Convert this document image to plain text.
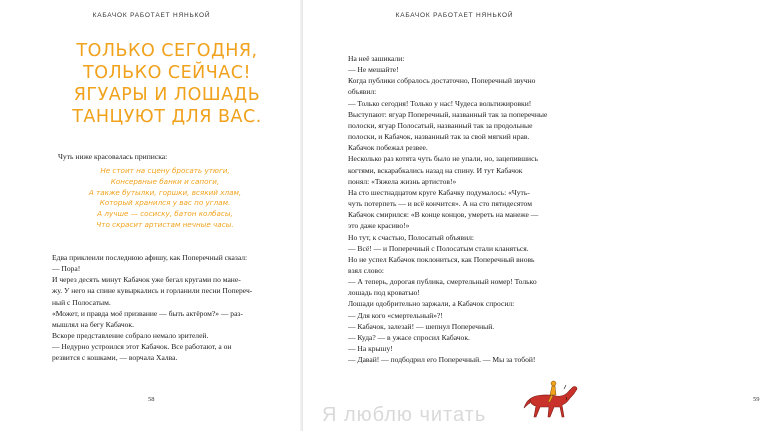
КАБАЧОК РАБОТАЕТ НЯНЬКОЙ
ТОЛЬКО СЕГОДНЯ,
ТОЛЬКО СЕЙЧАС!
ЯГУАРЫ И ЛОШАДЬ
ТАНЦУЮТ ДЛЯ ВАС.
Чуть ниже красовалась приписка:
Не стоит на сцену бросать утюги,
Консервные банки и сапоги,
А также бутылки, горшки, всякий хлам,
Который хранился у вас по углам.
А лучше — сосиску, батон колбасы,
Что скрасит артистам нечные часы.

Едва приклеили последнюю афишу, как Поперечный сказал:

— Пора!

И через десять минут Кабачок уже бегал кругами по мане-
жу. У него на спине кувыркались и горланили песни Попереч-
ный с Полосатым.

«Может, и правда моё призвание — быть актёром?» — раз-
мышлял на бегу Кабачок.

Вскоре представление собрало немало зрителей.

— Недурно устроился этот Кабачок. Все работают, а он
резвится с кошками, — ворчала Халва.

58
КАБАЧОК РАБОТАЕТ НЯНЬКОЙ
59

На неё зашикали:

— Не мешайте!

Когда публики собралось достаточно, Поперечный звучно
объявил:

— Только сегодня! Только у нас! Чудеса вольтижировки!
Выступают: ягуар Поперечный, названный так за поперечные
полоски, ягуар Полосатый, названный так за продольные
полоски, и Кабачок, названный так за свой мягкий нрав.

Кабачок побежал резвее.

Несколько раз котята чуть было не упали, но, зацепившись
когтями, вскарабкались назад на спину. И тут Кабачок
понял: «Тяжела жизнь артистов!»

На сто шестнадцатом круге Кабачку подумалось: «Чуть-
чуть потерпеть — и всё кончится». А на сто пятидесятом
Кабачок смирился: «В конце концов, умереть на манеже —
это даже красиво!»

Но тут, к счастью, Полосатый объявил:

— Всё! — и Поперечный с Полосатым стали кланяться.

Но не успел Кабачок поклониться, как Поперечный вновь
взял слово:

— А теперь, дорогая публика, смертельный номер! Только
лошадь под кроватью!

Лошади одобрительно заржали, а Кабачок спросил:

— Для кого «смертельный»?!

— Кабачок, залезай! — шепнул Поперечный.

— Куда? — в ужасе спросил Кабачок.

— На крышу!

— Давай! — подбодрил его Поперечный. — Мы за тобой!

Я люблю читать
